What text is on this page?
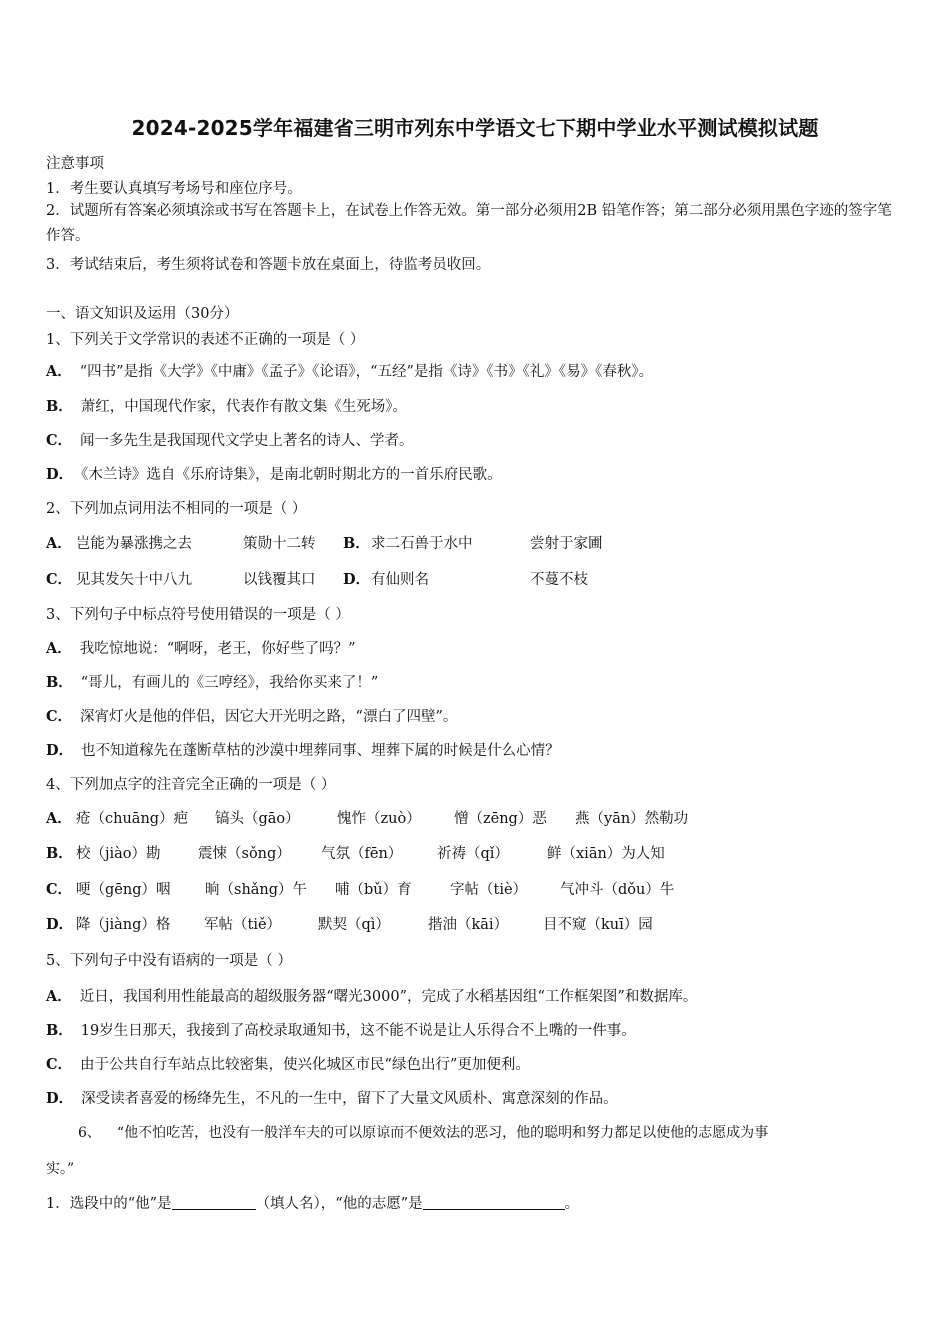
2024-2025学年福建省三明市列东中学语文七下期中学业水平测试模拟试题
注意事项
1．考生要认真填写考场号和座位序号。
2．试题所有答案必须填涂或书写在答题卡上，在试卷上作答无效。第一部分必须用2B 铅笔作答；第二部分必须用黑色字迹的签字笔作答。
3．考试结束后，考生须将试卷和答题卡放在桌面上，待监考员收回。
一、语文知识及运用（30分）
1、下列关于文学常识的表述不正确的一项是（ ）
A． “四书”是指《大学》《中庸》《孟子》《论语》，“五经”是指《诗》《书》《礼》《易》《春秋》。
B． 萧红，中国现代作家，代表作有散文集《生死场》。
C． 闻一多先生是我国现代文学史上著名的诗人、学者。
D． 《木兰诗》选自《乐府诗集》，是南北朝时期北方的一首乐府民歌。
2、下列加点词用法不相同的一项是（ ）
A． 岂能为暴涨携之去	策勋十二转 B． 求二石兽于水中	尝射于家圃
C． 见其发矢十中八九	以钱覆其口 D． 有仙则名	不蔓不枝
3、下列句子中标点符号使用错误的一项是（ ）
A． 我吃惊地说：“啊呀，老王，你好些了吗？”
B． “哥儿，有画儿的《三哼经》，我给你买来了！”
C． 深宵灯火是他的伴侣，因它大开光明之路，“漂白了四壁”。
D． 也不知道稼先在蓬断草枯的沙漠中埋葬同事、埋葬下属的时候是什么心情？
4、下列加点字的注音完全正确的一项是（ ）
A． 疮（chuāng）疤 镐头（gāo）	愧怍（zuò） 憎（zēng）恶 燕（yān）然勒功
B． 校（jiào）勘	震悚（sǒng） 气氛（fēn） 祈祷（qǐ）	鲜（xiān）为人知
C． 哽（gēng）咽 晌（shǎng）午 哺（bǔ）育	字帖（tiè） 气冲斗（dǒu）牛
D． 降（jiàng）格 军帖（tiě）	默契（qì）	揩油（kāi） 目不窥（kuī）园
5、下列句子中没有语病的一项是（ ）
A． 近日，我国利用性能最高的超级服务器“曙光3000”，完成了水稻基因组“工作框架图”和数据库。
B． 19岁生日那天，我接到了高校录取通知书，这不能不说是让人乐得合不上嘴的一件事。
C． 由于公共自行车站点比较密集，使兴化城区市民“绿色出行”更加便利。
D． 深受读者喜爱的杨绛先生，不凡的一生中，留下了大量文风质朴、寓意深刻的作品。
6、 “他不怕吃苦，也没有一般洋车夫的可以原谅而不便效法的恶习，他的聪明和努力都足以使他的志愿成为事
实。”
1．选段中的“他”是	（填人名），“他的志愿”是	。
